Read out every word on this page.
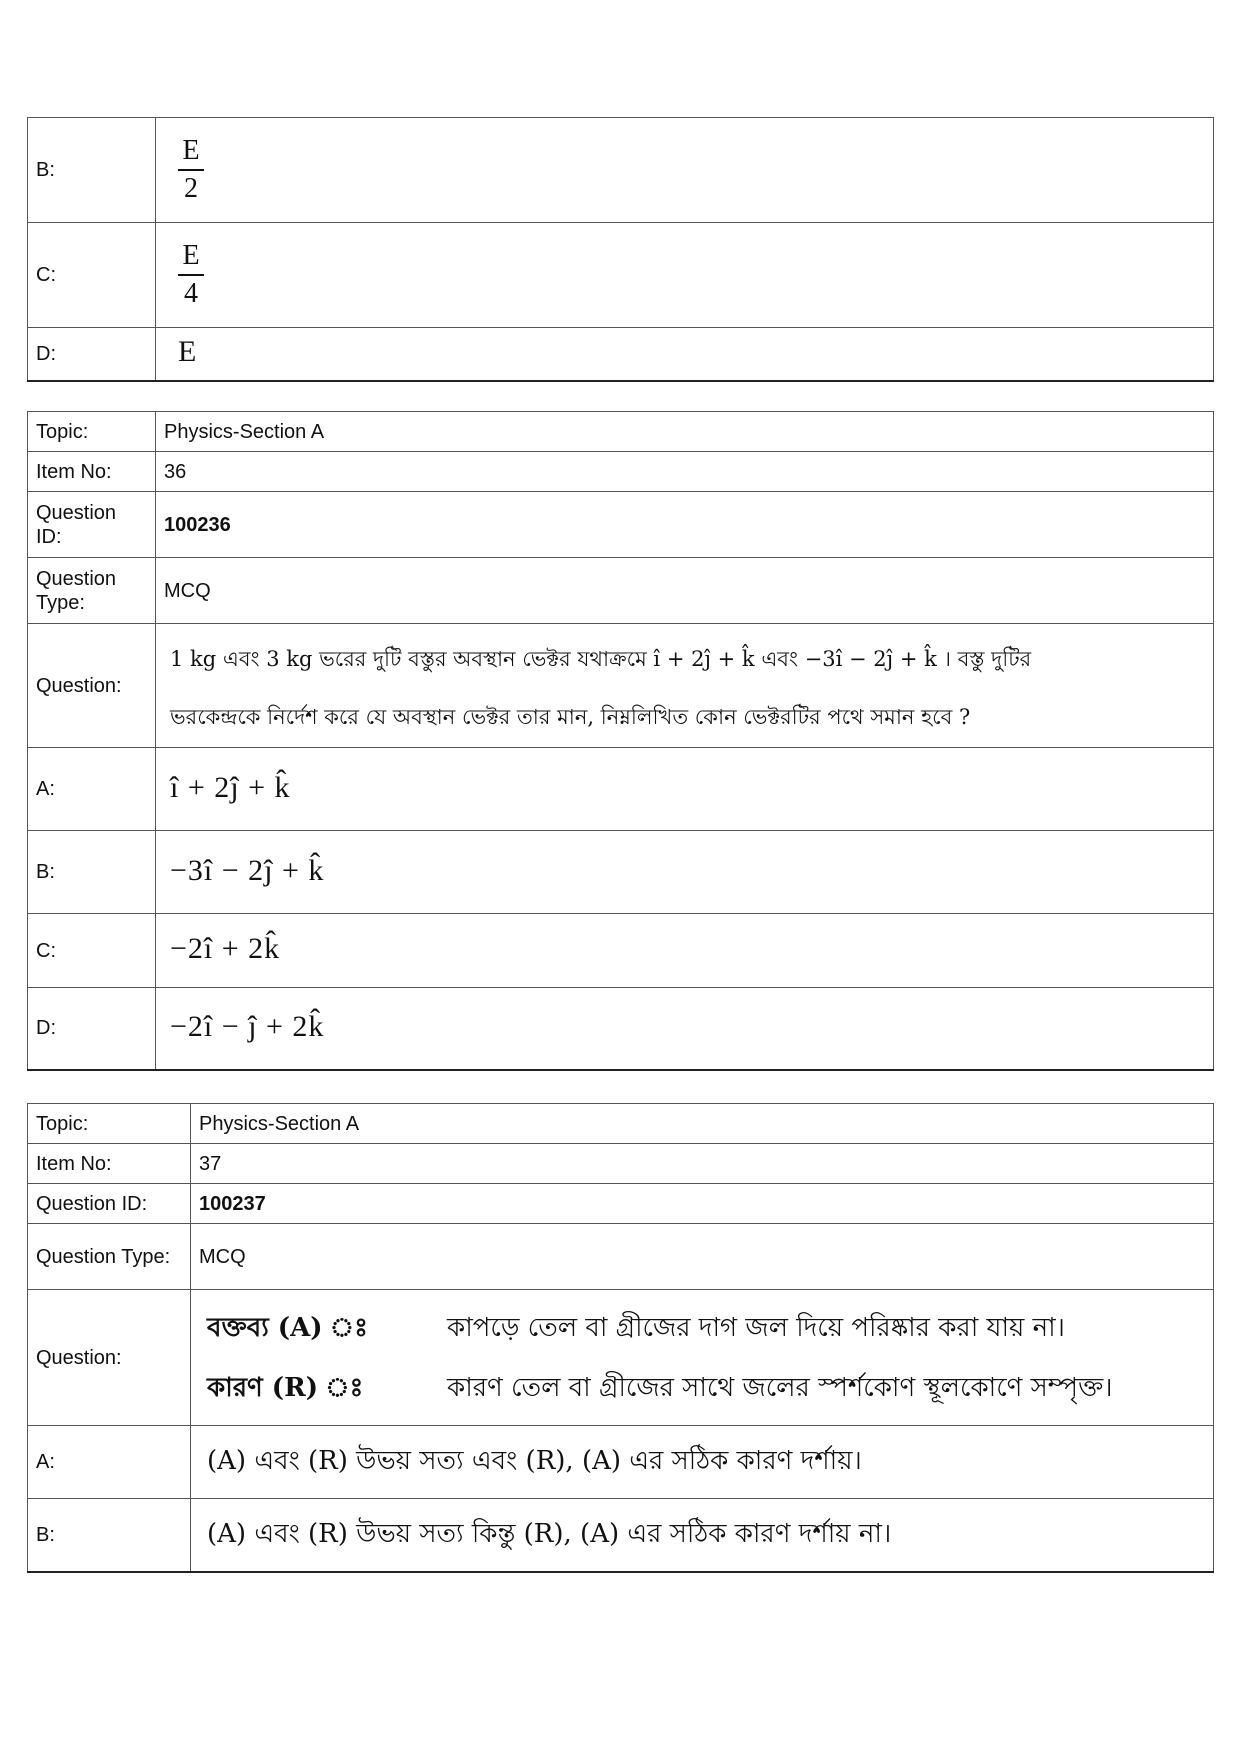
B:	$\frac{E}{2}$

C:	$\frac{E}{4}$

D:	E
Topic:	Physics-Section A
Item No:	36
Question ID:	100236
Question Type:	MCQ
Question:	1 kg এবং 3 kg ভরের দুটি বস্তুর অবস্থান ভেক্টর যথাক্রমে î + 2ĵ + k̂ এবং −3î − 2ĵ + k̂ । বস্তু দুটির
ভরকেন্দ্রকে নির্দেশ করে যে অবস্থান ভেক্টর তার মান, নিম্নলিখিত কোন ভেক্টরটির পথে সমান হবে ?

A:	î + 2ĵ + k̂
B:	−3î − 2ĵ + k̂
C:	−2î + 2k̂
D:	−2î − ĵ + 2k̂
Topic:	Physics-Section A
Item No:	37
Question ID:	100237
Question Type:	MCQ
Question:	বক্তব্য (A) ঃ কাপড়ে তেল বা গ্রীজের দাগ জল দিয়ে পরিষ্কার করা যায় না।
কারণ (R) ঃ কারণ তেল বা গ্রীজের সাথে জলের স্পর্শকোণ স্থূলকোণে সম্পৃক্ত।

A:	(A) এবং (R) উভয় সত্য এবং (R), (A) এর সঠিক কারণ দর্শায়।
B:	(A) এবং (R) উভয় সত্য কিন্তু (R), (A) এর সঠিক কারণ দর্শায় না।
